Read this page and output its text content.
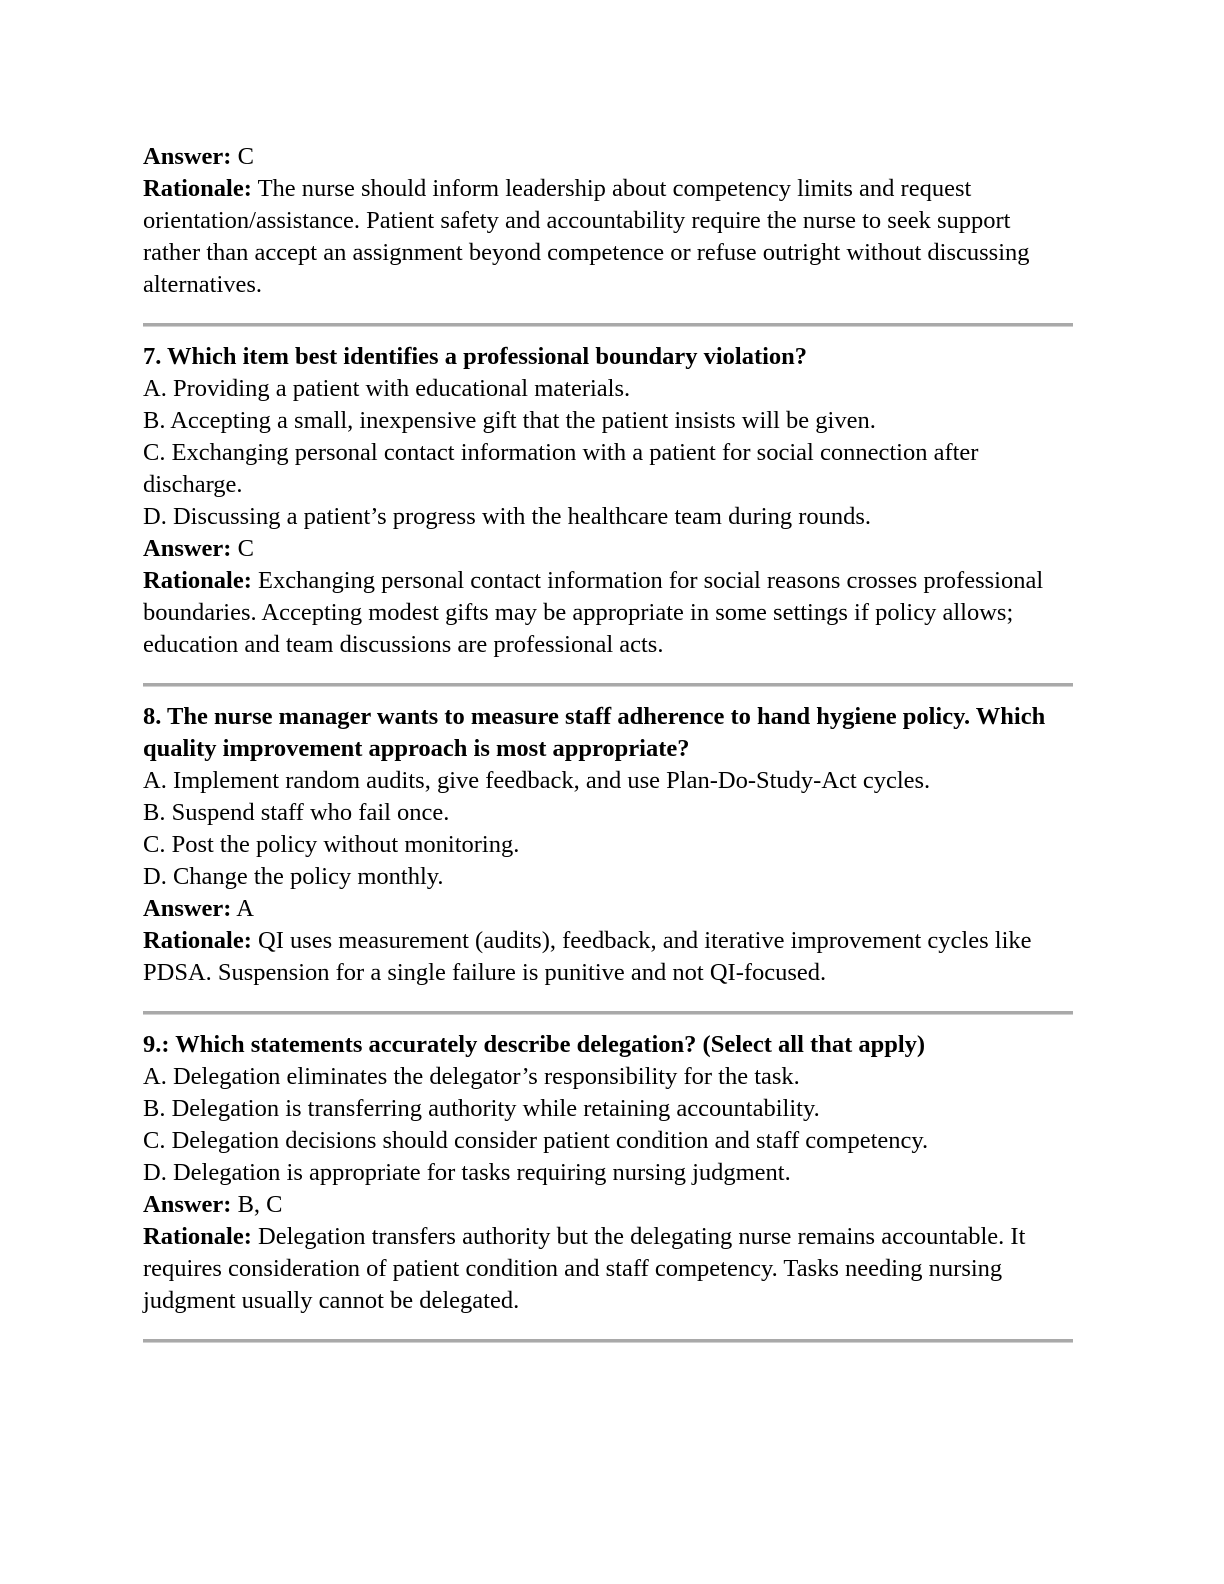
Answer: C
Rationale: The nurse should inform leadership about competency limits and request orientation/assistance. Patient safety and accountability require the nurse to seek support rather than accept an assignment beyond competence or refuse outright without discussing alternatives.
7. Which item best identifies a professional boundary violation?
A. Providing a patient with educational materials.
B. Accepting a small, inexpensive gift that the patient insists will be given.
C. Exchanging personal contact information with a patient for social connection after discharge.
D. Discussing a patient’s progress with the healthcare team during rounds.
Answer: C
Rationale: Exchanging personal contact information for social reasons crosses professional boundaries. Accepting modest gifts may be appropriate in some settings if policy allows; education and team discussions are professional acts.
8. The nurse manager wants to measure staff adherence to hand hygiene policy. Which quality improvement approach is most appropriate?
A. Implement random audits, give feedback, and use Plan-Do-Study-Act cycles.
B. Suspend staff who fail once.
C. Post the policy without monitoring.
D. Change the policy monthly.
Answer: A
Rationale: QI uses measurement (audits), feedback, and iterative improvement cycles like PDSA. Suspension for a single failure is punitive and not QI-focused.
9.: Which statements accurately describe delegation? (Select all that apply)
A. Delegation eliminates the delegator’s responsibility for the task.
B. Delegation is transferring authority while retaining accountability.
C. Delegation decisions should consider patient condition and staff competency.
D. Delegation is appropriate for tasks requiring nursing judgment.
Answer: B, C
Rationale: Delegation transfers authority but the delegating nurse remains accountable. It requires consideration of patient condition and staff competency. Tasks needing nursing judgment usually cannot be delegated.
